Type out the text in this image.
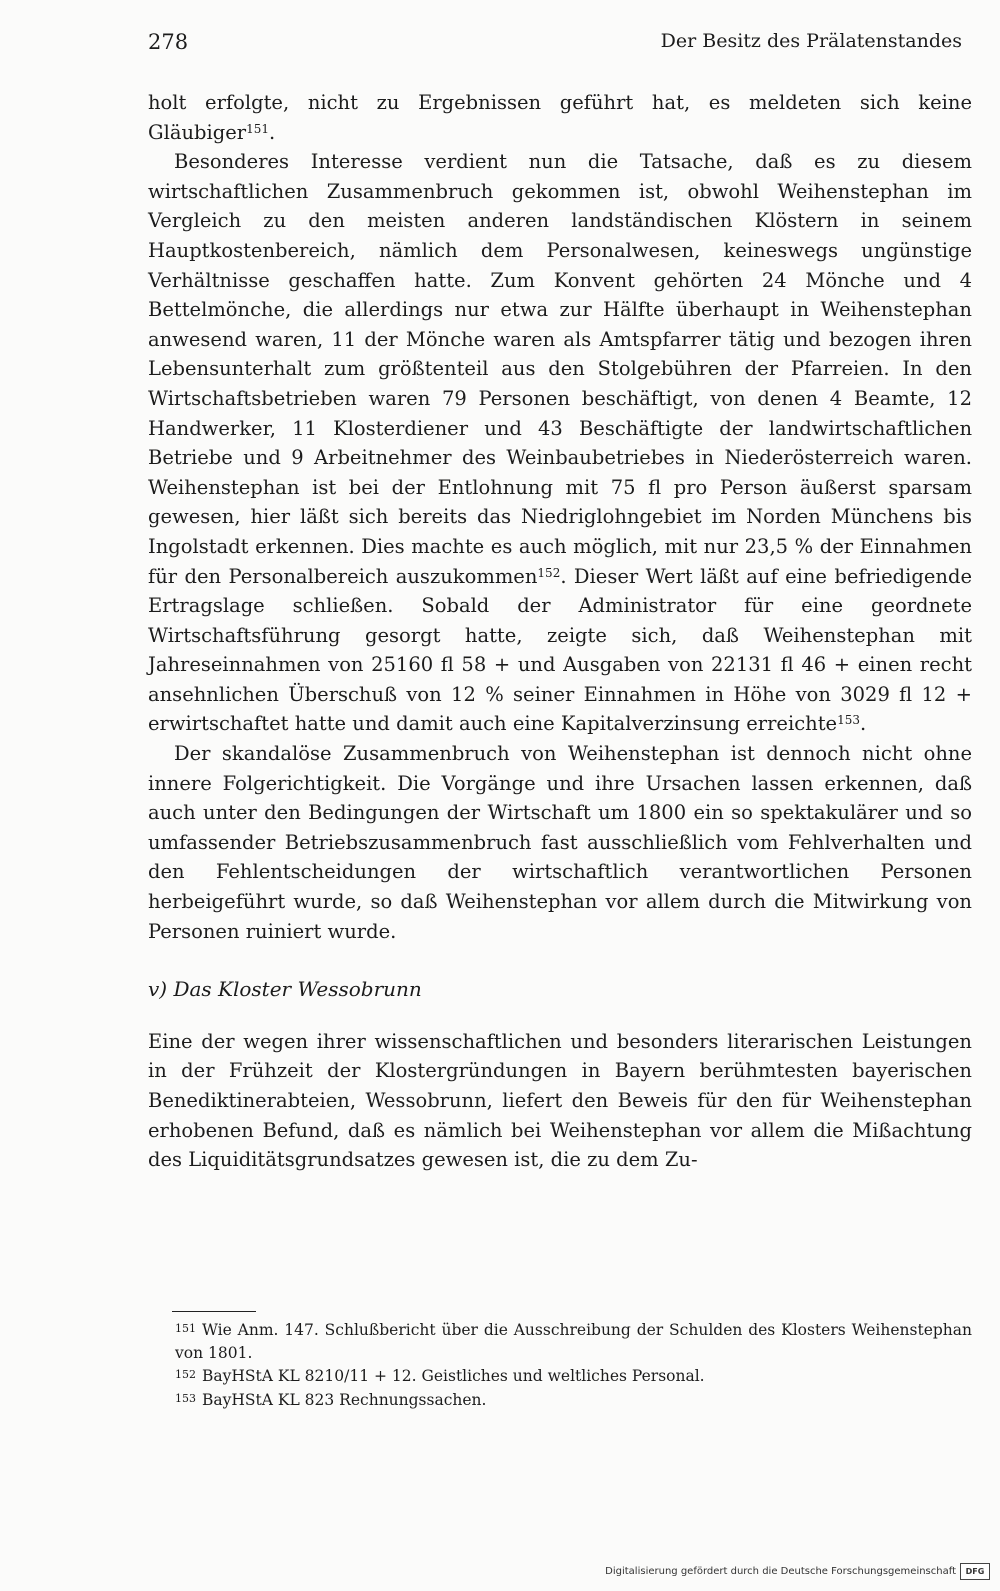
278	Der Besitz des Prälatenstandes

holt erfolgte, nicht zu Ergebnissen geführt hat, es meldeten sich keine Gläubiger$^{151}$.

Besonderes Interesse verdient nun die Tatsache, daß es zu diesem wirtschaftlichen Zusammenbruch gekommen ist, obwohl Weihenstephan im Vergleich zu den meisten anderen landständischen Klöstern in seinem Hauptkostenbereich, nämlich dem Personalwesen, keineswegs ungünstige Verhältnisse geschaffen hatte. Zum Konvent gehörten 24 Mönche und 4 Bettelmönche, die allerdings nur etwa zur Hälfte überhaupt in Weihenstephan anwesend waren, 11 der Mönche waren als Amtspfarrer tätig und bezogen ihren Lebensunterhalt zum größtenteil aus den Stolgebühren der Pfarreien. In den Wirtschaftsbetrieben waren 79 Personen beschäftigt, von denen 4 Beamte, 12 Handwerker, 11 Klosterdiener und 43 Beschäftigte der landwirtschaftlichen Betriebe und 9 Arbeitnehmer des Weinbaubetriebes in Niederösterreich waren. Weihenstephan ist bei der Entlohnung mit 75 fl pro Person äußerst sparsam gewesen, hier läßt sich bereits das Niedriglohngebiet im Norden Münchens bis Ingolstadt erkennen. Dies machte es auch möglich, mit nur 23,5 % der Einnahmen für den Personalbereich auszukommen$^{152}$. Dieser Wert läßt auf eine befriedigende Ertragslage schließen. Sobald der Administrator für eine geordnete Wirtschaftsführung gesorgt hatte, zeigte sich, daß Weihenstephan mit Jahreseinnahmen von 25160 fl 58 + und Ausgaben von 22131 fl 46 + einen recht ansehnlichen Überschuß von 12 % seiner Einnahmen in Höhe von 3029 fl 12 + erwirtschaftet hatte und damit auch eine Kapitalverzinsung erreichte$^{153}$.

Der skandalöse Zusammenbruch von Weihenstephan ist dennoch nicht ohne innere Folgerichtigkeit. Die Vorgänge und ihre Ursachen lassen erkennen, daß auch unter den Bedingungen der Wirtschaft um 1800 ein so spektakulärer und so umfassender Betriebszusammenbruch fast ausschließlich vom Fehlverhalten und den Fehlentscheidungen der wirtschaftlich verantwortlichen Personen herbeigeführt wurde, so daß Weihenstephan vor allem durch die Mitwirkung von Personen ruiniert wurde.

v) Das Kloster Wessobrunn

Eine der wegen ihrer wissenschaftlichen und besonders literarischen Leistungen in der Frühzeit der Klostergründungen in Bayern berühmtesten bayerischen Benediktinerabteien, Wessobrunn, liefert den Beweis für den für Weihenstephan erhobenen Befund, daß es nämlich bei Weihenstephan vor allem die Mißachtung des Liquiditätsgrundsatzes gewesen ist, die zu dem Zu-

151 Wie Anm. 147. Schlußbericht über die Ausschreibung der Schulden des Klosters Weihenstephan von 1801.

152 BayHStA KL 8210/11 + 12. Geistliches und weltliches Personal.

153 BayHStA KL 823 Rechnungssachen.

Digitalisierung gefördert durch die Deutsche Forschungsgemeinschaft	DFG
